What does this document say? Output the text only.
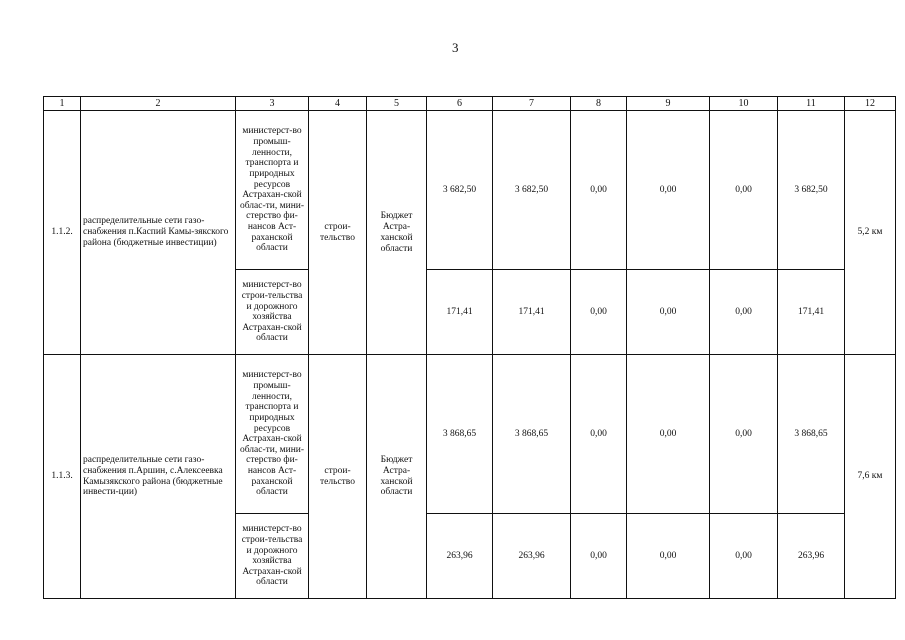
3
1	2	3	4	5	6	7	8	9	10	11	12
1.1.2.	распределительные сети газо-снабжения п.Каспий Камы-зякского района (бюджетные инвестиции)	министерст-во промыш-ленности, транспорта и природных ресурсов Астрахан-ской облас-ти, мини-стерство фи-нансов Аст-раханской области	строи-тельство	Бюджет Астра-ханской области	3 682,50	3 682,50	0,00	0,00	0,00	3 682,50	5,2 км
		министерст-во строи-тельства и дорожного хозяйства Астрахан-ской области			171,41	171,41	0,00	0,00	0,00	171,41	
1.1.3.	распределительные сети газо-снабжения п.Аршин, с.Алексеевка Камызякского района (бюджетные инвести-ции)	министерст-во промыш-ленности, транспорта и природных ресурсов Астрахан-ской облас-ти, мини-стерство фи-нансов Аст-раханской области	строи-тельство	Бюджет Астра-ханской области	3 868,65	3 868,65	0,00	0,00	0,00	3 868,65	7,6 км
		министерст-во строи-тельства и дорожного хозяйства Астрахан-ской области			263,96	263,96	0,00	0,00	0,00	263,96	
